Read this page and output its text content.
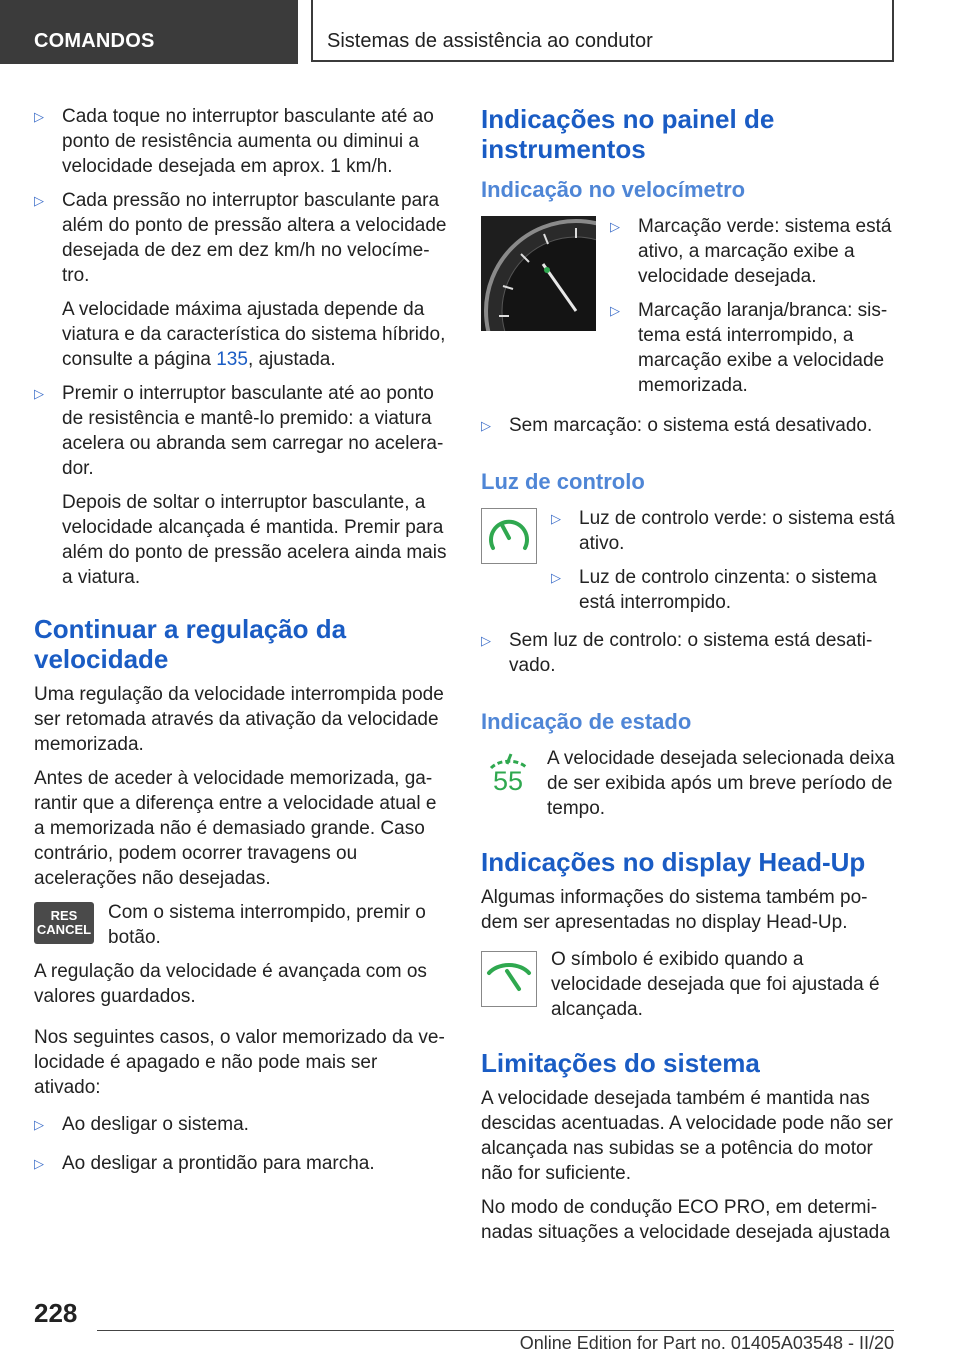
COMANDOS	Sistemas de assistência ao condutor
▷ Cada toque no interruptor basculante até ao ponto de resistência aumenta ou diminui a velocidade desejada em aprox. 1 km/h.
▷ Cada pressão no interruptor basculante para além do ponto de pressão altera a velocidade desejada de dez em dez km/h no velocímetro.
A velocidade máxima ajustada depende da viatura e da característica do sistema híbrido, consulte a página 135, ajustada.
▷ Premir o interruptor basculante até ao ponto de resistência e mantê-lo premido: a viatura acelera ou abranda sem carregar no acelerador.
Depois de soltar o interruptor basculante, a velocidade alcançada é mantida. Premir para além do ponto de pressão acelera ainda mais a viatura.
Continuar a regulação da velocidade

Uma regulação da velocidade interrompida pode ser retomada através da ativação da velocidade memorizada.

Antes de aceder à velocidade memorizada, garantir que a diferença entre a velocidade atual e a memorizada não é demasiado grande. Caso contrário, podem ocorrer travagens ou acelerações não desejadas.

RES
CANCEL
Com o sistema interrompido, premir o botão.

A regulação da velocidade é avançada com os valores guardados.

Nos seguintes casos, o valor memorizado da velocidade é apagado e não pode mais ser ativado:

▷ Ao desligar o sistema.
▷ Ao desligar a prontidão para marcha.
Indicações no painel de instrumentos
Indicação no velocímetro
▷ Marcação verde: sistema está ativo, a marcação exibe a velocidade desejada.
▷ Marcação laranja/branca: sistema está interrompido, a marcação exibe a velocidade memorizada.
▷ Sem marcação: o sistema está desativado.
Luz de controlo
▷ Luz de controlo verde: o sistema está ativo.
▷ Luz de controlo cinzenta: o sistema está interrompido.
▷ Sem luz de controlo: o sistema está desativado.
Indicação de estado
55
A velocidade desejada selecionada deixa de ser exibida após um breve período de tempo.
Indicações no display Head-Up

Algumas informações do sistema também podem ser apresentadas no display Head-Up.

O símbolo é exibido quando a velocidade desejada que foi ajustada é alcançada.
Limitações do sistema

A velocidade desejada também é mantida nas descidas acentuadas. A velocidade pode não ser alcançada nas subidas se a potência do motor não for suficiente.

No modo de condução ECO PRO, em determinadas situações a velocidade desejada ajustada

228
Online Edition for Part no. 01405A03548 - II/20
